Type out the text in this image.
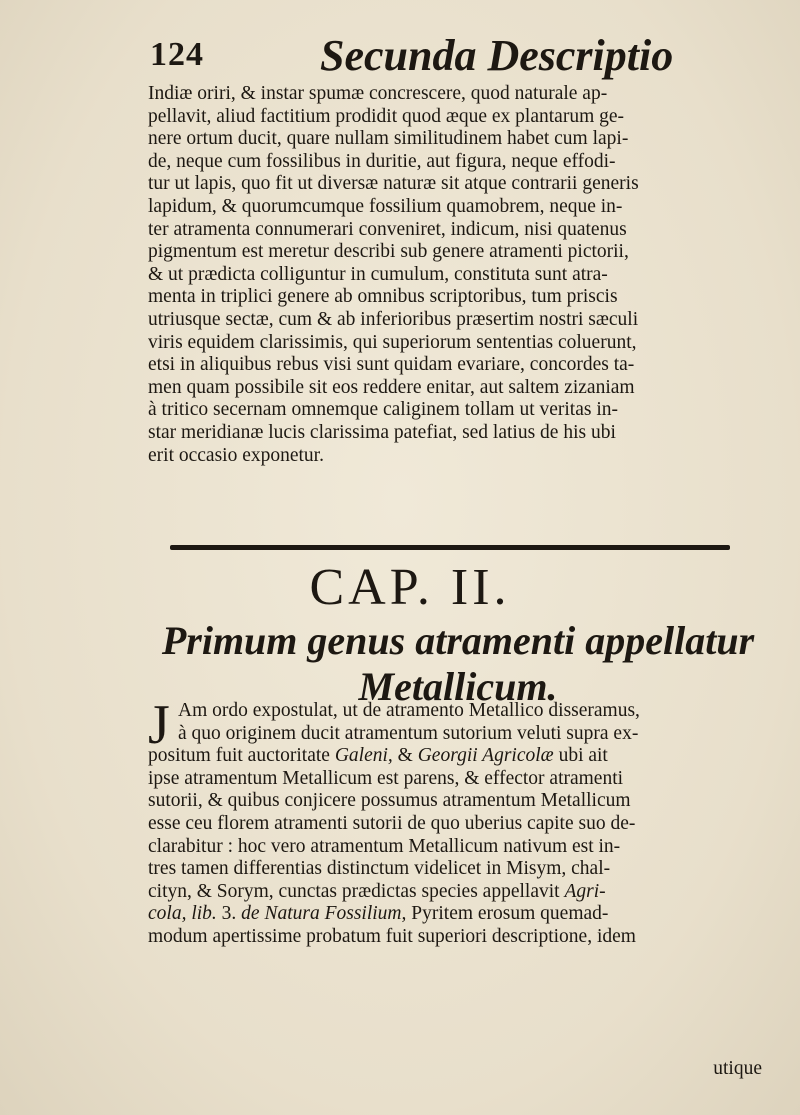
124	Secunda Descriptio
Indiæ oriri, & instar spumæ concrescere, quod naturale ap-
pellavit, aliud factitium prodidit quod æque ex plantarum ge-
nere ortum ducit, quare nullam similitudinem habet cum lapi-
de, neque cum fossilibus in duritie, aut figura, neque effodi-
tur ut lapis, quo fit ut diversæ naturæ sit atque contrarii generis
lapidum, & quorumcumque fossilium quamobrem, neque in-
ter atramenta connumerari conveniret, indicum, nisi quatenus
pigmentum est meretur describi sub genere atramenti pictorii,
& ut prædicta colliguntur in cumulum, constituta sunt atra-
menta in triplici genere ab omnibus scriptoribus, tum priscis
utriusque sectæ, cum & ab inferioribus præsertim nostri sæculi
viris equidem clarissimis, qui superiorum sententias coluerunt,
etsi in aliquibus rebus visi sunt quidam evariare, concordes ta-
men quam possibile sit eos reddere enitar, aut saltem zizaniam
à tritico secernam omnemque caliginem tollam ut veritas in-
star meridianæ lucis clarissima patefiat, sed latius de his ubi
erit occasio exponetur.
CAP. II.
Primum genus atramenti appellatur
Metallicum.
J Am ordo expostulat, ut de atramento Metallico disseramus,
à quo originem ducit atramentum sutorium veluti supra ex-
positum fuit auctoritate Galeni, & Georgii Agricolæ ubi ait
ipse atramentum Metallicum est parens, & effector atramenti
sutorii, & quibus conjicere possumus atramentum Metallicum
esse ceu florem atramenti sutorii de quo uberius capite suo de-
clarabitur : hoc vero atramentum Metallicum nativum est in-
tres tamen differentias distinctum videlicet in Misym, chal-
cityn, & Sorym, cunctas prædictas species appellavit Agri-
cola, lib. 3. de Natura Fossilium, Pyritem erosum quemad-
modum apertissime probatum fuit superiori descriptione, idem
utique
